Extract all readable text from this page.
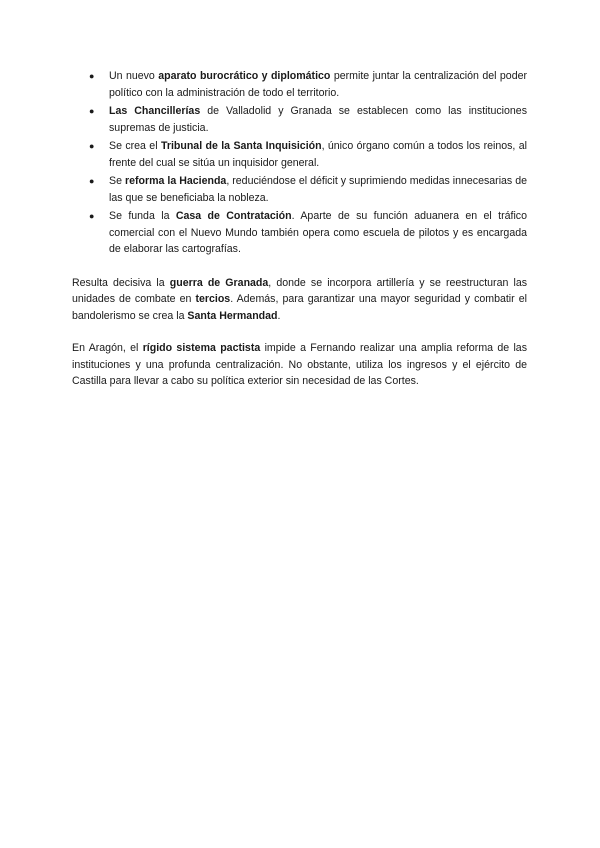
● Un nuevo aparato burocrático y diplomático permite juntar la centralización del poder político con la administración de todo el territorio.
● Las Chancillerías de Valladolid y Granada se establecen como las instituciones supremas de justicia.
● Se crea el Tribunal de la Santa Inquisición, único órgano común a todos los reinos, al frente del cual se sitúa un inquisidor general.
● Se reforma la Hacienda, reduciéndose el déficit y suprimiendo medidas innecesarias de las que se beneficiaba la nobleza.
● Se funda la Casa de Contratación. Aparte de su función aduanera en el tráfico comercial con el Nuevo Mundo también opera como escuela de pilotos y es encargada de elaborar las cartografías.

Resulta decisiva la guerra de Granada, donde se incorpora artillería y se reestructuran las unidades de combate en tercios. Además, para garantizar una mayor seguridad y combatir el bandolerismo se crea la Santa Hermandad.

En Aragón, el rígido sistema pactista impide a Fernando realizar una amplia reforma de las instituciones y una profunda centralización. No obstante, utiliza los ingresos y el ejército de Castilla para llevar a cabo su política exterior sin necesidad de las Cortes.
